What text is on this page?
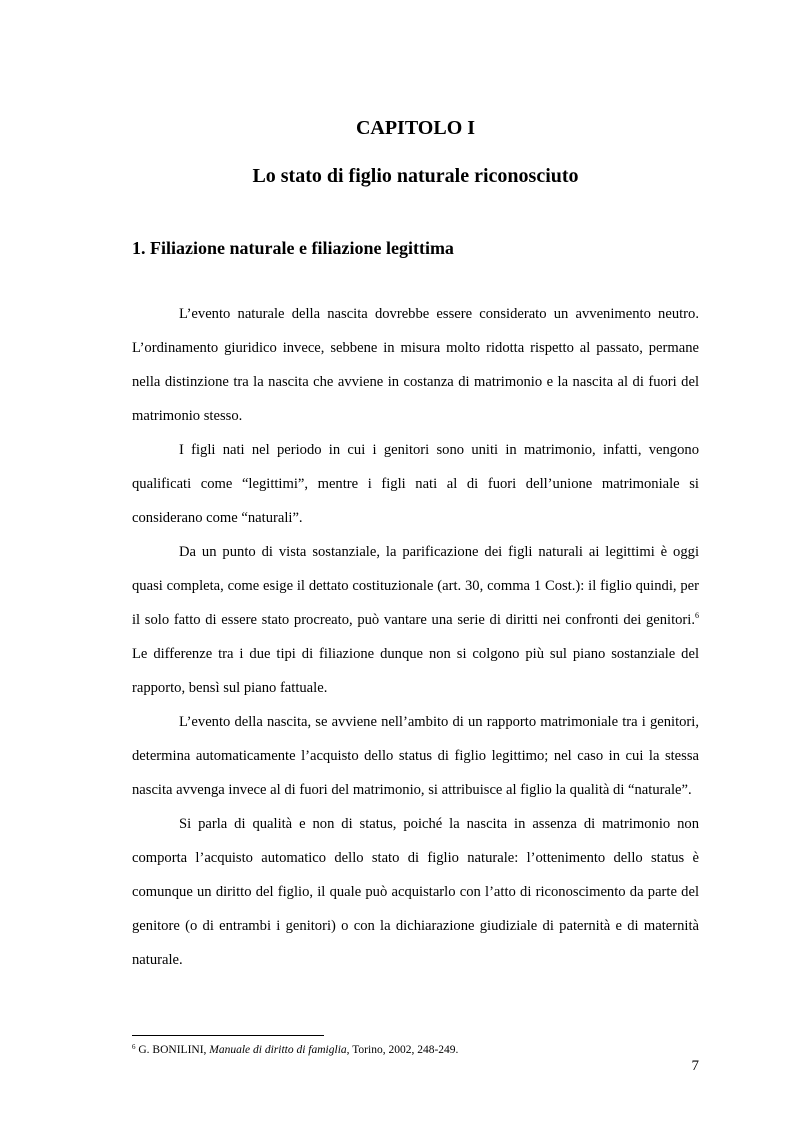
CAPITOLO I
Lo stato di figlio naturale riconosciuto
1. Filiazione naturale e filiazione legittima

L’evento naturale della nascita dovrebbe essere considerato un avvenimento neutro. L’ordinamento giuridico invece, sebbene in misura molto ridotta rispetto al passato, permane nella distinzione tra la nascita che avviene in costanza di matrimonio e la nascita al di fuori del matrimonio stesso.

I figli nati nel periodo in cui i genitori sono uniti in matrimonio, infatti, vengono qualificati come “legittimi”, mentre i figli nati al di fuori dell’unione matrimoniale si considerano come “naturali”.

Da un punto di vista sostanziale, la parificazione dei figli naturali ai legittimi è oggi quasi completa, come esige il dettato costituzionale (art. 30, comma 1 Cost.): il figlio quindi, per il solo fatto di essere stato procreato, può vantare una serie di diritti nei confronti dei genitori.$^6$ Le differenze tra i due tipi di filiazione dunque non si colgono più sul piano sostanziale del rapporto, bensì sul piano fattuale.

L’evento della nascita, se avviene nell’ambito di un rapporto matrimoniale tra i genitori, determina automaticamente l’acquisto dello status di figlio legittimo; nel caso in cui la stessa nascita avvenga invece al di fuori del matrimonio, si attribuisce al figlio la qualità di “naturale”.

Si parla di qualità e non di status, poiché la nascita in assenza di matrimonio non comporta l’acquisto automatico dello stato di figlio naturale: l’ottenimento dello status è comunque un diritto del figlio, il quale può acquistarlo con l’atto di riconoscimento da parte del genitore (o di entrambi i genitori) o con la dichiarazione giudiziale di paternità e di maternità naturale.

$^6$ G. BONILINI, Manuale di diritto di famiglia, Torino, 2002, 248-249.
7
